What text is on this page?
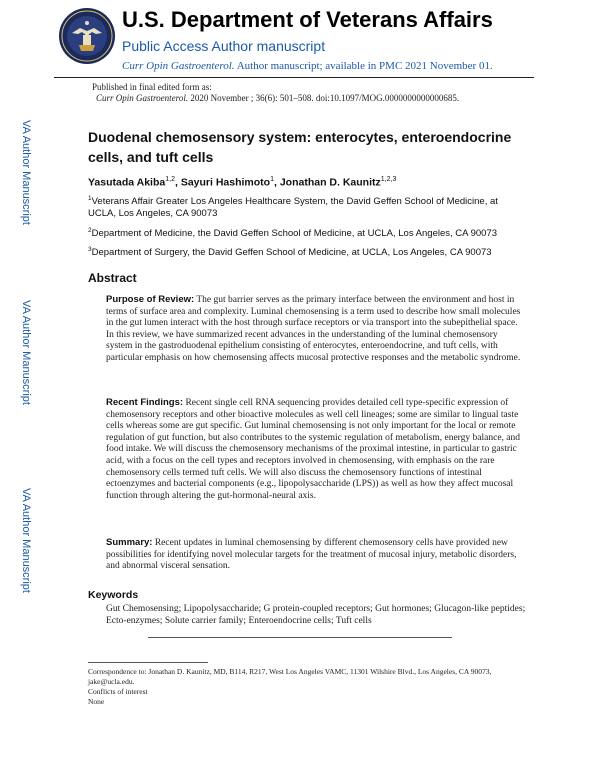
U.S. Department of Veterans Affairs
Public Access Author manuscript
Curr Opin Gastroenterol. Author manuscript; available in PMC 2021 November 01.
Published in final edited form as:
Curr Opin Gastroenterol. 2020 November ; 36(6): 501–508. doi:10.1097/MOG.0000000000000685.
VA Author Manuscript
VA Author Manuscript
VA Author Manuscript
Duodenal chemosensory system: enterocytes, enteroendocrine cells, and tuft cells
Yasutada Akiba$^{1,2}$, Sayuri Hashimoto$^1$, Jonathan D. Kaunitz$^{1,2,3}$
$^1$Veterans Affair Greater Los Angeles Healthcare System, the David Geffen School of Medicine, at UCLA, Los Angeles, CA 90073
$^2$Department of Medicine, the David Geffen School of Medicine, at UCLA, Los Angeles, CA 90073
$^3$Department of Surgery, the David Geffen School of Medicine, at UCLA, Los Angeles, CA 90073
Abstract
Purpose of Review: The gut barrier serves as the primary interface between the environment and host in terms of surface area and complexity. Luminal chemosensing is a term used to describe how small molecules in the gut lumen interact with the host through surface receptors or via transport into the subepithelial space. In this review, we have summarized recent advances in the understanding of the luminal chemosensory system in the gastroduodenal epithelium consisting of enterocytes, enteroendocrine, and tuft cells, with particular emphasis on how chemosensing affects mucosal protective responses and the metabolic syndrome.
Recent Findings: Recent single cell RNA sequencing provides detailed cell type-specific expression of chemosensory receptors and other bioactive molecules as well cell lineages; some are similar to lingual taste cells whereas some are gut specific. Gut luminal chemosensing is not only important for the local or remote regulation of gut function, but also contributes to the systemic regulation of metabolism, energy balance, and food intake. We will discuss the chemosensory mechanisms of the proximal intestine, in particular to gastric acid, with a focus on the cell types and receptors involved in chemosensing, with emphasis on the rare chemosensory cells termed tuft cells. We will also discuss the chemosensory functions of intestinal ectoenzymes and bacterial components (e.g., lipopolysaccharide (LPS)) as well as how they affect mucosal function through altering the gut-hormonal-neural axis.
Summary: Recent updates in luminal chemosensing by different chemosensory cells have provided new possibilities for identifying novel molecular targets for the treatment of mucosal injury, metabolic disorders, and abnormal visceral sensation.
Keywords
Gut Chemosensing; Lipopolysaccharide; G protein-coupled receptors; Gut hormones; Glucagon-like peptides; Ecto-enzymes; Solute carrier family; Enteroendocrine cells; Tuft cells
Correspondence to: Jonathan D. Kaunitz, MD, B114, R217, West Los Angeles VAMC, 11301 Wilshire Blvd., Los Angeles, CA 90073, jake@ucla.edu.
Conflicts of interest
None
